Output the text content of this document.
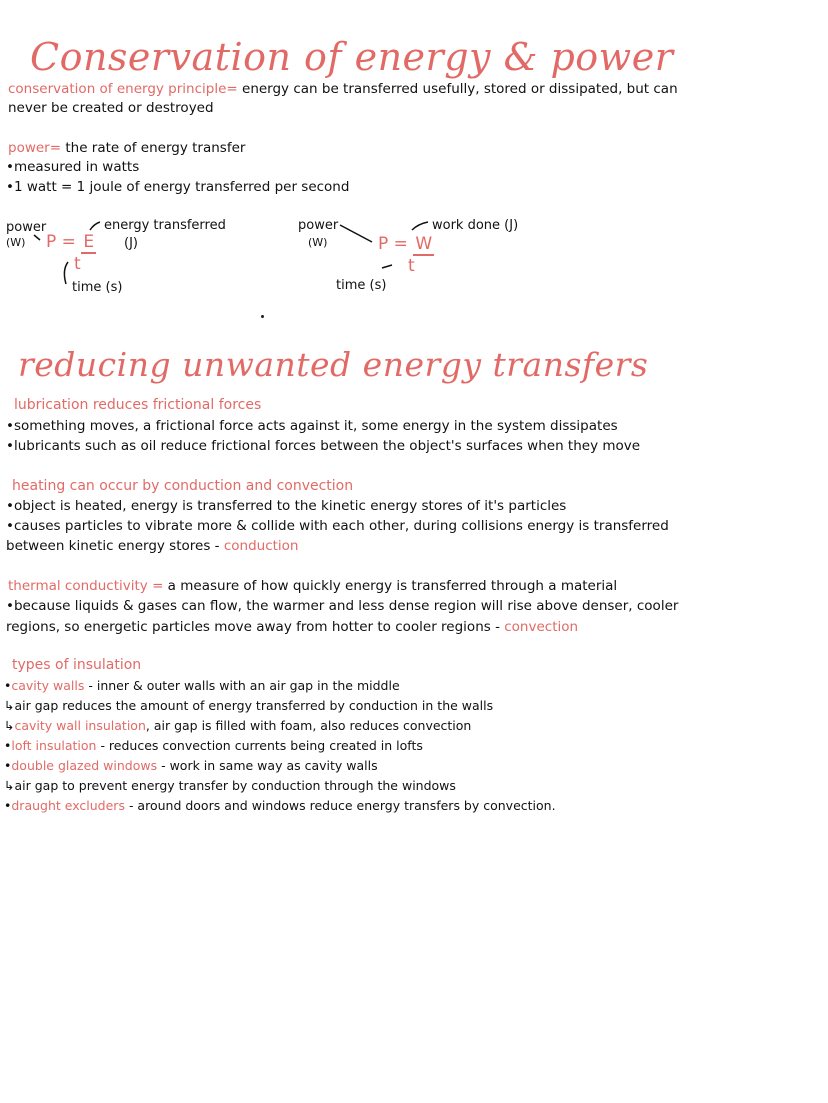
Conservation of energy & power
conservation of energy principle= energy can be transferred usefully, stored or dissipated, but can
never be created or destroyed
power= the rate of energy transfer
•measured in watts
•1 watt = 1 joule of energy transferred per second
power
(W) P = E
t
energy transferred
(J)
time (s)
power
(W)	P = W
t
work done (J)
time (s)
reducing unwanted energy transfers
lubrication reduces frictional forces
•something moves, a frictional force acts against it, some energy in the system dissipates
•lubricants such as oil reduce frictional forces between the object's surfaces when they move
heating can occur by conduction and convection
•object is heated, energy is transferred to the kinetic energy stores of it's particles
•causes particles to vibrate more & collide with each other, during collisions energy is transferred
between kinetic energy stores - conduction
thermal conductivity = a measure of how quickly energy is transferred through a material
•because liquids & gases can flow, the warmer and less dense region will rise above denser, cooler
regions, so energetic particles move away from hotter to cooler regions - convection
types of insulation
•cavity walls - inner & outer walls with an air gap in the middle
↳air gap reduces the amount of energy transferred by conduction in the walls
↳cavity wall insulation, air gap is filled with foam, also reduces convection
•loft insulation - reduces convection currents being created in lofts
•double glazed windows - work in same way as cavity walls
↳air gap to prevent energy transfer by conduction through the windows
•draught excluders - around doors and windows reduce energy transfers by convection.
